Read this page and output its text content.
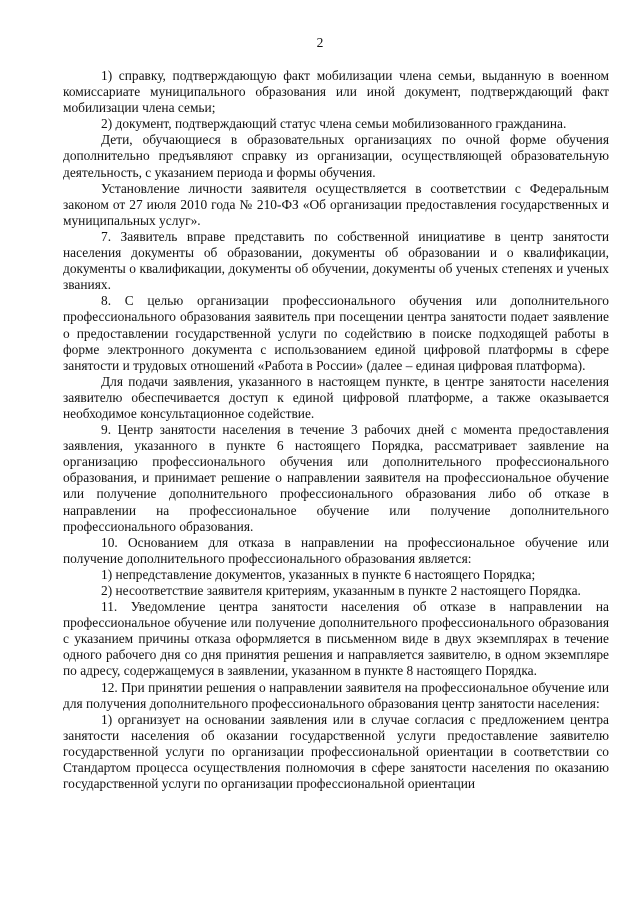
2

1) справку, подтверждающую факт мобилизации члена семьи, выданную в военном комиссариате муниципального образования или иной документ, подтверждающий факт мобилизации члена семьи;

2) документ, подтверждающий статус члена семьи мобилизованного гражданина.

Дети, обучающиеся в образовательных организациях по очной форме обучения дополнительно предъявляют справку из организации, осуществляющей образовательную деятельность, с указанием периода и формы обучения.

Установление личности заявителя осуществляется в соответствии с Федеральным законом от 27 июля 2010 года № 210-ФЗ «Об организации предоставления государственных и муниципальных услуг».

7. Заявитель вправе представить по собственной инициативе в центр занятости населения документы об образовании, документы об образовании и о квалификации, документы о квалификации, документы об обучении, документы об ученых степенях и ученых званиях.

8. С целью организации профессионального обучения или дополнительного профессионального образования заявитель при посещении центра занятости подает заявление о предоставлении государственной услуги по содействию в поиске подходящей работы в форме электронного документа с использованием единой цифровой платформы в сфере занятости и трудовых отношений «Работа в России» (далее – единая цифровая платформа).

Для подачи заявления, указанного в настоящем пункте, в центре занятости населения заявителю обеспечивается доступ к единой цифровой платформе, а также оказывается необходимое консультационное содействие.

9. Центр занятости населения в течение 3 рабочих дней с момента предоставления заявления, указанного в пункте 6 настоящего Порядка, рассматривает заявление на организацию профессионального обучения или дополнительного профессионального образования, и принимает решение о направлении заявителя на профессиональное обучение или получение дополнительного профессионального образования либо об отказе в направлении на профессиональное обучение или получение дополнительного профессионального образования.

10. Основанием для отказа в направлении на профессиональное обучение или получение дополнительного профессионального образования является:

1) непредставление документов, указанных в пункте 6 настоящего Порядка;

2) несоответствие заявителя критериям, указанным в пункте 2 настоящего Порядка.

11. Уведомление центра занятости населения об отказе в направлении на профессиональное обучение или получение дополнительного профессионального образования с указанием причины отказа оформляется в письменном виде в двух экземплярах в течение одного рабочего дня со дня принятия решения и направляется заявителю, в одном экземпляре по адресу, содержащемуся в заявлении, указанном в пункте 8 настоящего Порядка.

12. При принятии решения о направлении заявителя на профессиональное обучение или для получения дополнительного профессионального образования центр занятости населения:

1) организует на основании заявления или в случае согласия с предложением центра занятости населения об оказании государственной услуги предоставление заявителю государственной услуги по организации профессиональной ориентации в соответствии со Стандартом процесса осуществления полномочия в сфере занятости населения по оказанию государственной услуги по организации профессиональной ориентации
